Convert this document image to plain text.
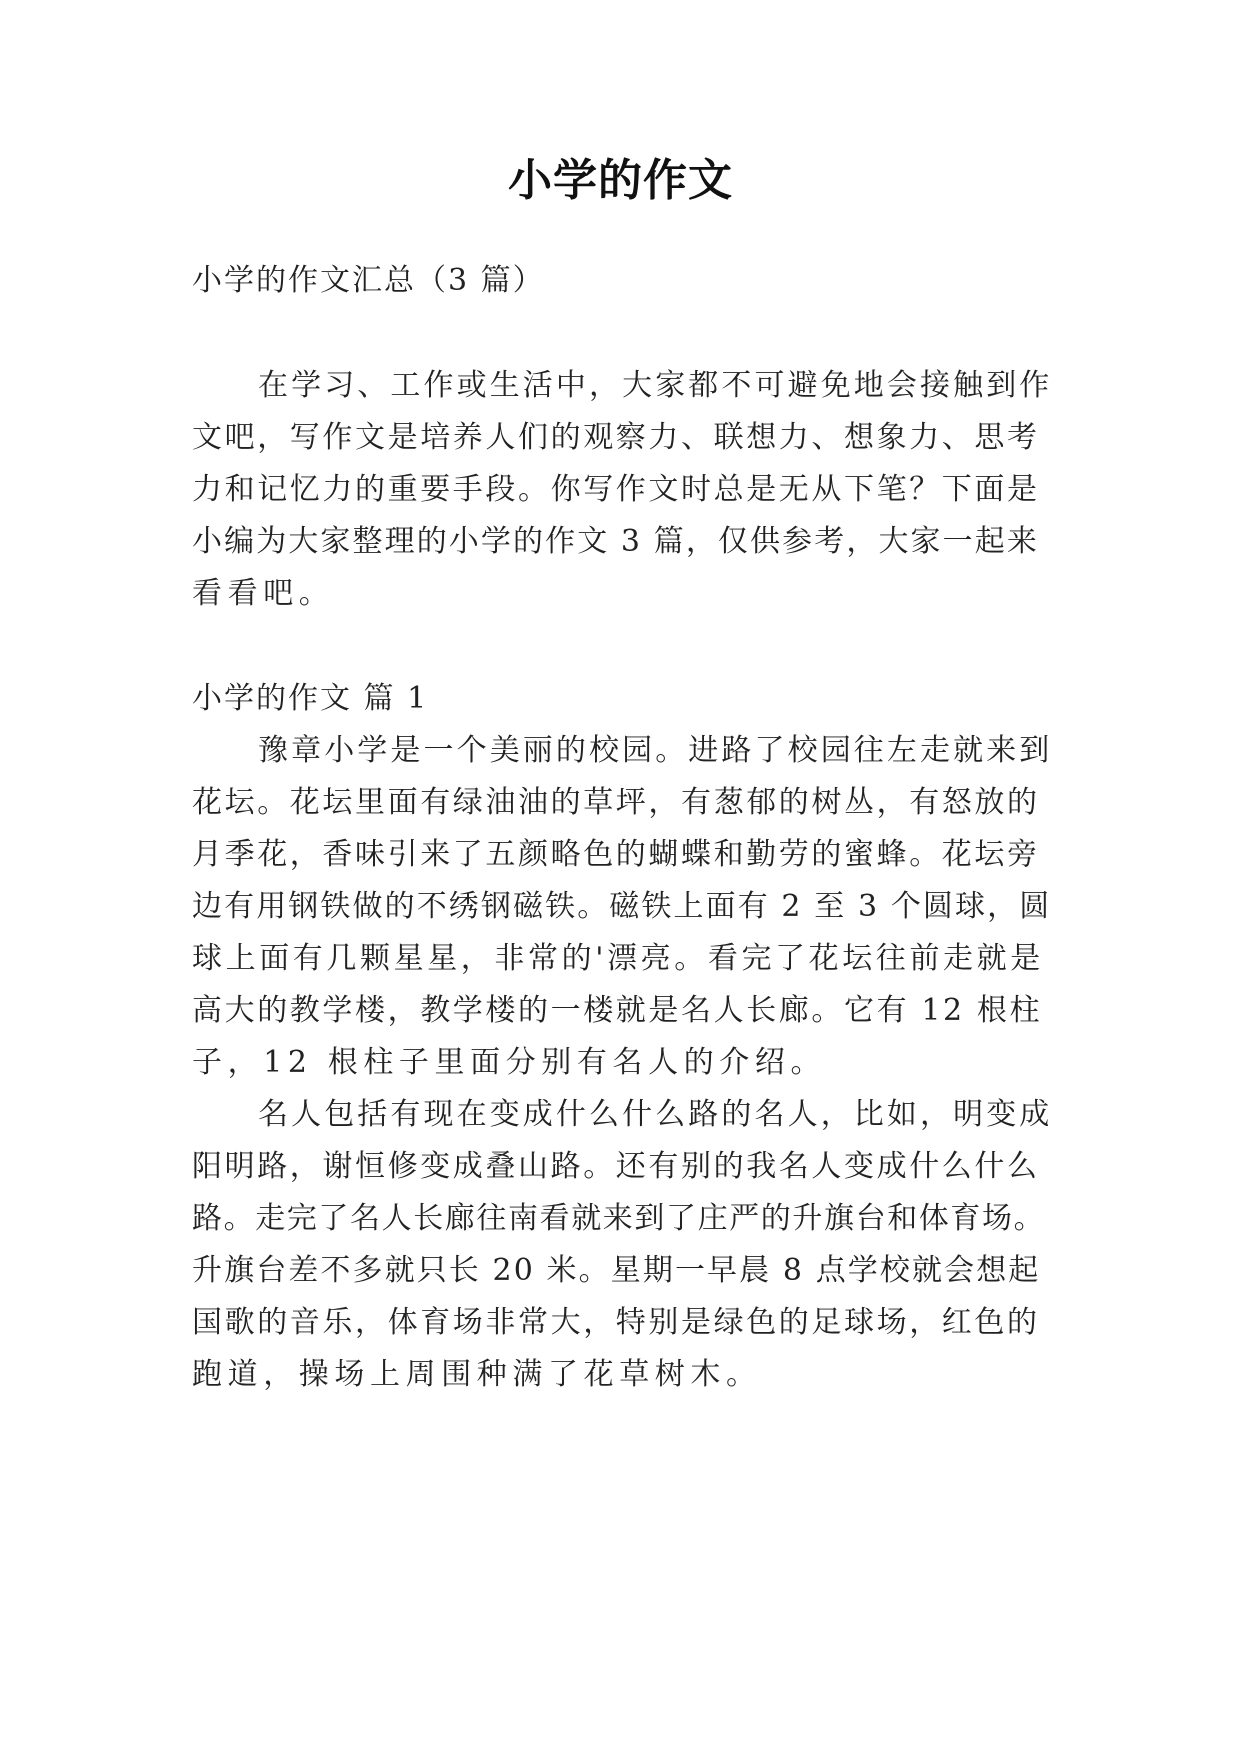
小学的作文
小学的作文汇总（3 篇）
在学习、工作或生活中，大家都不可避免地会接触到作
文吧，写作文是培养人们的观察力、联想力、想象力、思考
力和记忆力的重要手段。你写作文时总是无从下笔？下面是
小编为大家整理的小学的作文 3 篇，仅供参考，大家一起来
看看吧。
小学的作文 篇 1
豫章小学是一个美丽的校园。进路了校园往左走就来到
花坛。花坛里面有绿油油的草坪，有葱郁的树丛，有怒放的
月季花，香味引来了五颜略色的蝴蝶和勤劳的蜜蜂。花坛旁
边有用钢铁做的不绣钢磁铁。磁铁上面有 2 至 3 个圆球，圆
球上面有几颗星星，非常的'漂亮。看完了花坛往前走就是
高大的教学楼，教学楼的一楼就是名人长廊。它有 12 根柱
子，12 根柱子里面分别有名人的介绍。
名人包括有现在变成什么什么路的名人，比如，明变成
阳明路，谢恒修变成叠山路。还有别的我名人变成什么什么
路。走完了名人长廊往南看就来到了庄严的升旗台和体育场。
升旗台差不多就只长 20 米。星期一早晨 8 点学校就会想起
国歌的音乐，体育场非常大，特别是绿色的足球场，红色的
跑道，操场上周围种满了花草树木。
